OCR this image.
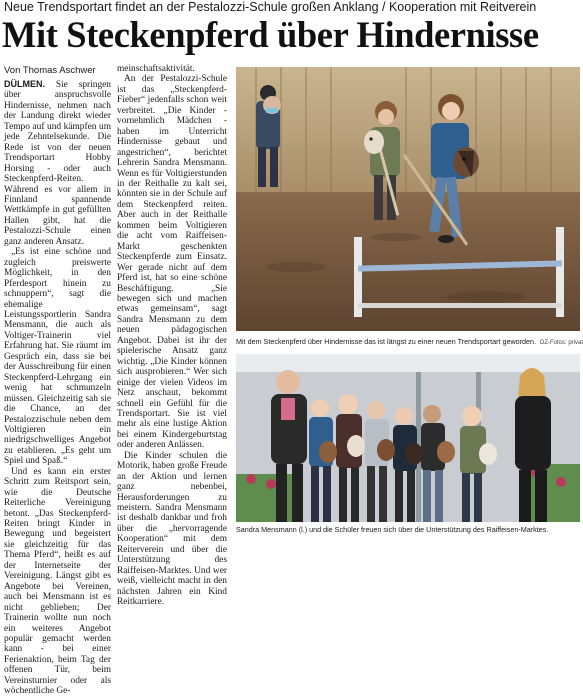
Neue Trendsportart findet an der Pestalozzi-Schule großen Anklang / Kooperation mit Reitverein
Mit Steckenpferd über Hindernisse
Von Thomas Aschwer

DÜLMEN. Sie springen über anspruchsvolle Hindernisse, nehmen nach der Landung direkt wieder Tempo auf und kämpfen um jede Zehntelsekunde. Die Rede ist von der neuen Trendsportart Hobby Horsing - oder auch Steckenpferd-Reiten. Während es vor allem in Finnland spannende Wettkämpfe in gut gefüllten Hallen gibt, hat die Pestalozzi-Schule einen ganz anderen Ansatz.

„Es ist eine schöne und zugleich preiswerte Möglichkeit, in den Pferdesport hinein zu schnuppern“, sagt die ehemalige Leistungssportlerin Sandra Mensmann, die auch als Voltiger-Trainerin viel Erfahrung hat. Sie räumt im Gespräch ein, dass sie bei der Ausschreibung für einen Steckenpferd-Lehrgang ein wenig hat schmunzeln müssen. Gleichzeitig sah sie die Chance, an der Pestalozzischule neben dem Voltigieren ein niedrigschwelliges Angebot zu etablieren. „Es geht um Spiel und Spaß.“

Und es kann ein erster Schritt zum Reitsport sein, wie die Deutsche Reiterliche Vereinigung betont. „Das Steckenpferd-Reiten bringt Kinder in Bewegung und begeistert sie gleichzeitig für das Thema Pferd“, heißt es auf der Internetseite der Vereinigung. Längst gibt es Angebote bei Vereinen, auch bei Mensmann ist es nicht geblieben; Der Trainerin wollte nun noch ein weiteres Angebot populär gemacht werden kann - bei einer Ferienaktion, beim Tag der offenen Tür, beim Vereinsturnier oder als wöchentliche Ge-

meinschaftsaktivität.

An der Pestalozzi-Schule ist das „Steckenpferd-Fieber“ jedenfalls schon weit verbreitet. „Die Kinder - vornehmlich Mädchen - haben im Unterricht Hindernisse gebaut und angestrichen“, berichtet Lehrerin Sandra Mensmann. Wenn es für Voltigierstunden in der Reithalle zu kalt sei, könnten sie in der Schule auf dem Steckenpferd reiten. Aber auch in der Reithalle kommen beim Voltigieren die acht vom Raiffeisen-Markt geschenkten Steckenpferde zum Einsatz. Wer gerade nicht auf dem Pferd ist, hat so eine schöne Beschäftigung. „Sie bewegen sich und machen etwas gemeinsam“, sagt Sandra Mensmann zu dem neuen pädagogischen Angebot. Dabei ist ihr der spielerische Ansatz ganz wichtig. „Die Kinder können sich ausprobieren.“ Wer sich einige der vielen Videos im Netz anschaut, bekommt schnell ein Gefühl für die Trendsportart. Sie ist viel mehr als eine lustige Aktion bei einem Kindergeburtstag oder anderen Anlässen.

Die Kinder schulen die Motorik, haben große Freude an der Aktion und lernen ganz nebenbei, Herausforderungen zu meistern. Sandra Mensmann ist deshalb dankbar und froh über die „hervorragende Kooperation“ mit dem Reiterverein und über die Unterstützung des Raiffeisen-Marktes. Und wer weiß, vielleicht macht in den nächsten Jahren ein Kind Reitkarriere.

Mit dem Steckenpferd über Hindernisse das ist längst zu einer neuen Trendsportart geworden. DZ-Fotos: privat
Sandra Mensmann (l.) und die Schüler freuen sich über die Unterstützung des Raiffeisen-Marktes.
